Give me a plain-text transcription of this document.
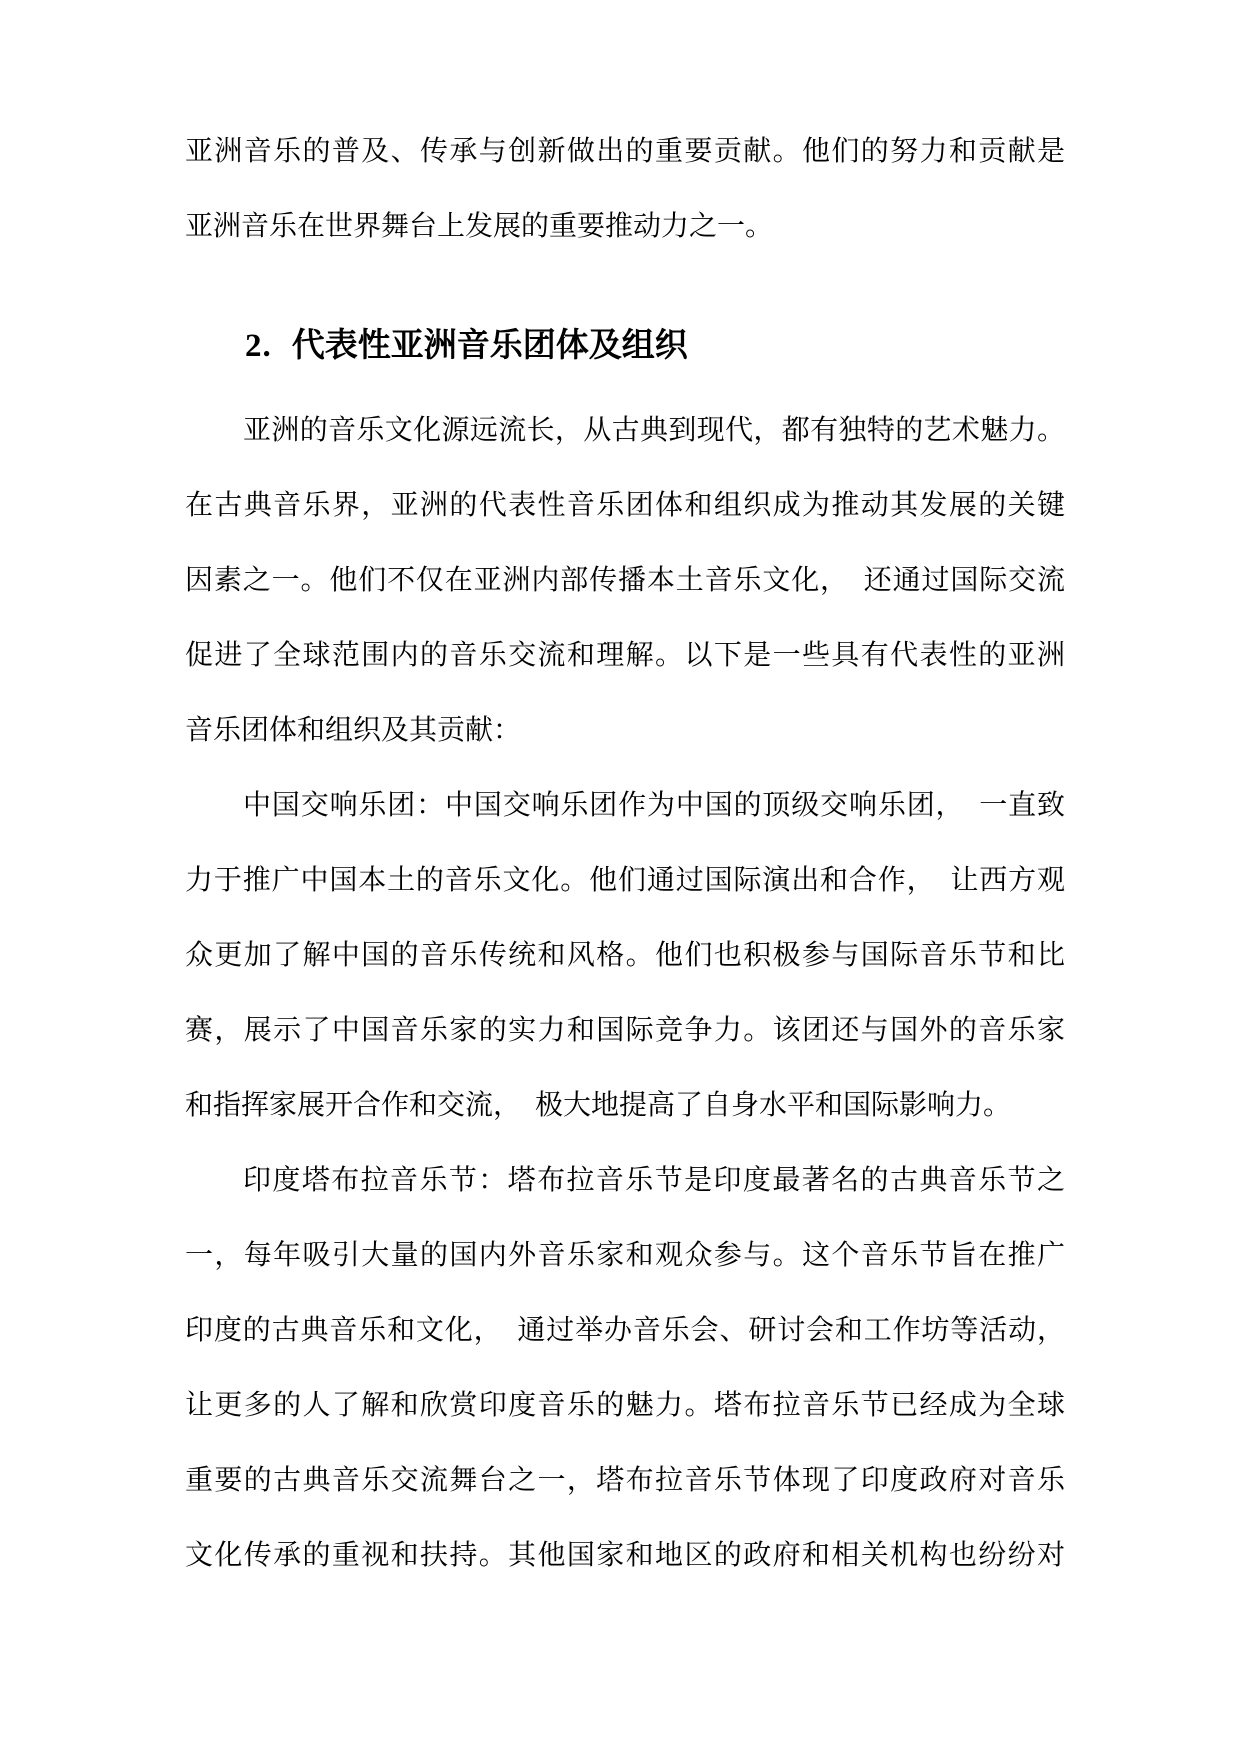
亚洲音乐的普及、传承与创新做出的重要贡献。他们的努力和贡献是
亚洲音乐在世界舞台上发展的重要推动力之一。
2. 代表性亚洲音乐团体及组织
亚洲的音乐文化源远流长，从古典到现代，都有独特的艺术魅力。
在古典音乐界，亚洲的代表性音乐团体和组织成为推动其发展的关键
因素之一。他们不仅在亚洲内部传播本土音乐文化，　还通过国际交流
促进了全球范围内的音乐交流和理解。以下是一些具有代表性的亚洲
音乐团体和组织及其贡献：
中国交响乐团：中国交响乐团作为中国的顶级交响乐团，　一直致
力于推广中国本土的音乐文化。他们通过国际演出和合作，　让西方观
众更加了解中国的音乐传统和风格。他们也积极参与国际音乐节和比
赛，展示了中国音乐家的实力和国际竞争力。该团还与国外的音乐家
和指挥家展开合作和交流，　极大地提高了自身水平和国际影响力。
印度塔布拉音乐节：塔布拉音乐节是印度最著名的古典音乐节之
一，每年吸引大量的国内外音乐家和观众参与。这个音乐节旨在推广
印度的古典音乐和文化，　通过举办音乐会、研讨会和工作坊等活动，
让更多的人了解和欣赏印度音乐的魅力。塔布拉音乐节已经成为全球
重要的古典音乐交流舞台之一，塔布拉音乐节体现了印度政府对音乐
文化传承的重视和扶持。其他国家和地区的政府和相关机构也纷纷对
